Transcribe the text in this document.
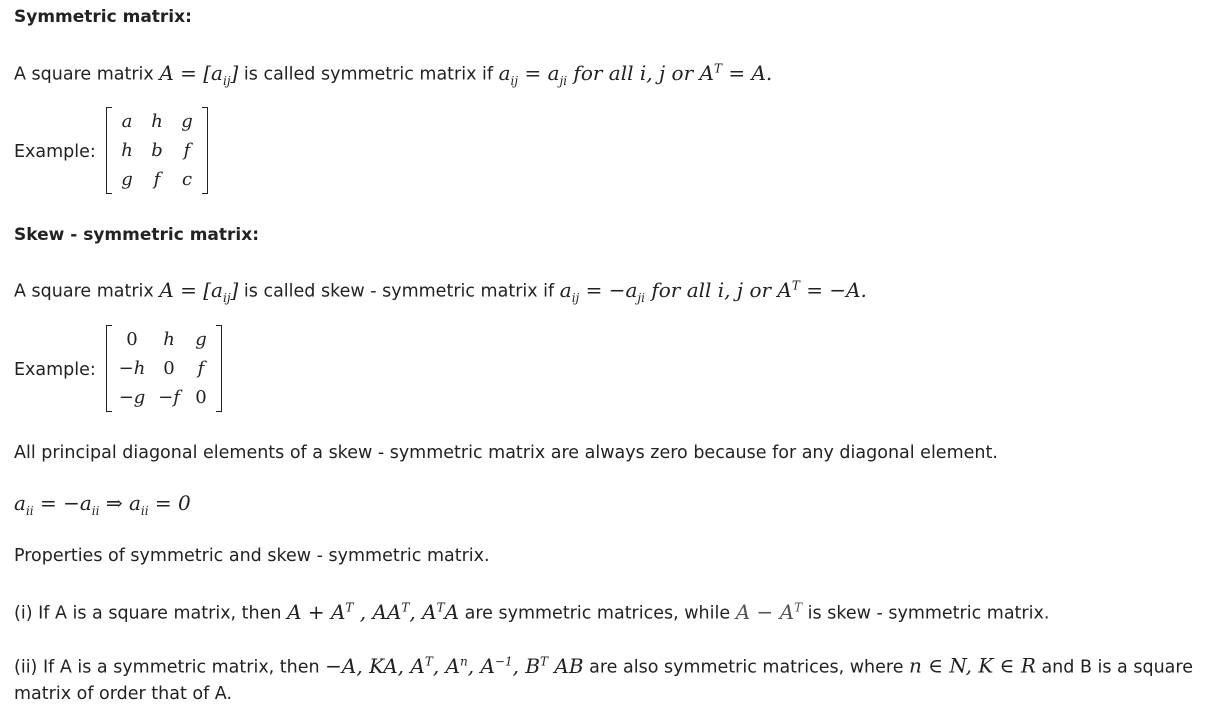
Symmetric matrix:
A square matrix $A = [a_{ij}]$ is called symmetric matrix if $a_{ij} = a_{ji}$ for all i, j or $A^T = A$.
Example:
a	h	g
h	b	f
g	f	c
Skew - symmetric matrix:
A square matrix $A = [a_{ij}]$ is called skew - symmetric matrix if $a_{ij} = -a_{ji}$ for all i, j or $A^T = -A$.
Example:
0	h	g
−h 0	f
−g −f 0
All principal diagonal elements of a skew - symmetric matrix are always zero because for any diagonal element.
$a_{ii} = -a_{ii}$ ⇒ $a_{ii} = 0$
Properties of symmetric and skew - symmetric matrix.
(i) If A is a square matrix, then $A + A^T$ , $AA^T$, $A^TA$ are symmetric matrices, while $A - A^T$ is skew - symmetric matrix.
(ii) If A is a symmetric matrix, then −A, KA, $A^T$, $A^n$, $A^{-1}$, $B^T$ AB are also symmetric matrices, where n ∈ N, K ∈ R and B is a square matrix of order that of A.
